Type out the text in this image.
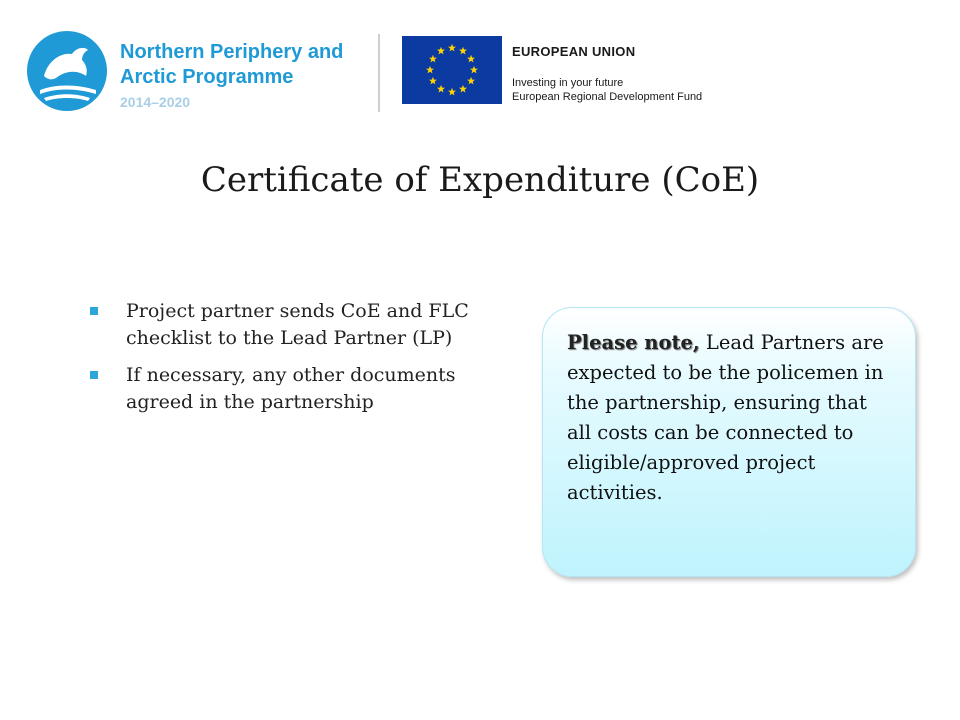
Northern Periphery and
Arctic Programme
2014–2020
EUROPEAN UNION
Investing in your future
European Regional Development Fund
Certificate of Expenditure (CoE)
Project partner sends CoE and FLC checklist to the Lead Partner (LP)
If necessary, any other documents agreed in the partnership
Please note, Lead Partners are expected to be the policemen in the partnership, ensuring that all costs can be connected to eligible/approved project activities.
